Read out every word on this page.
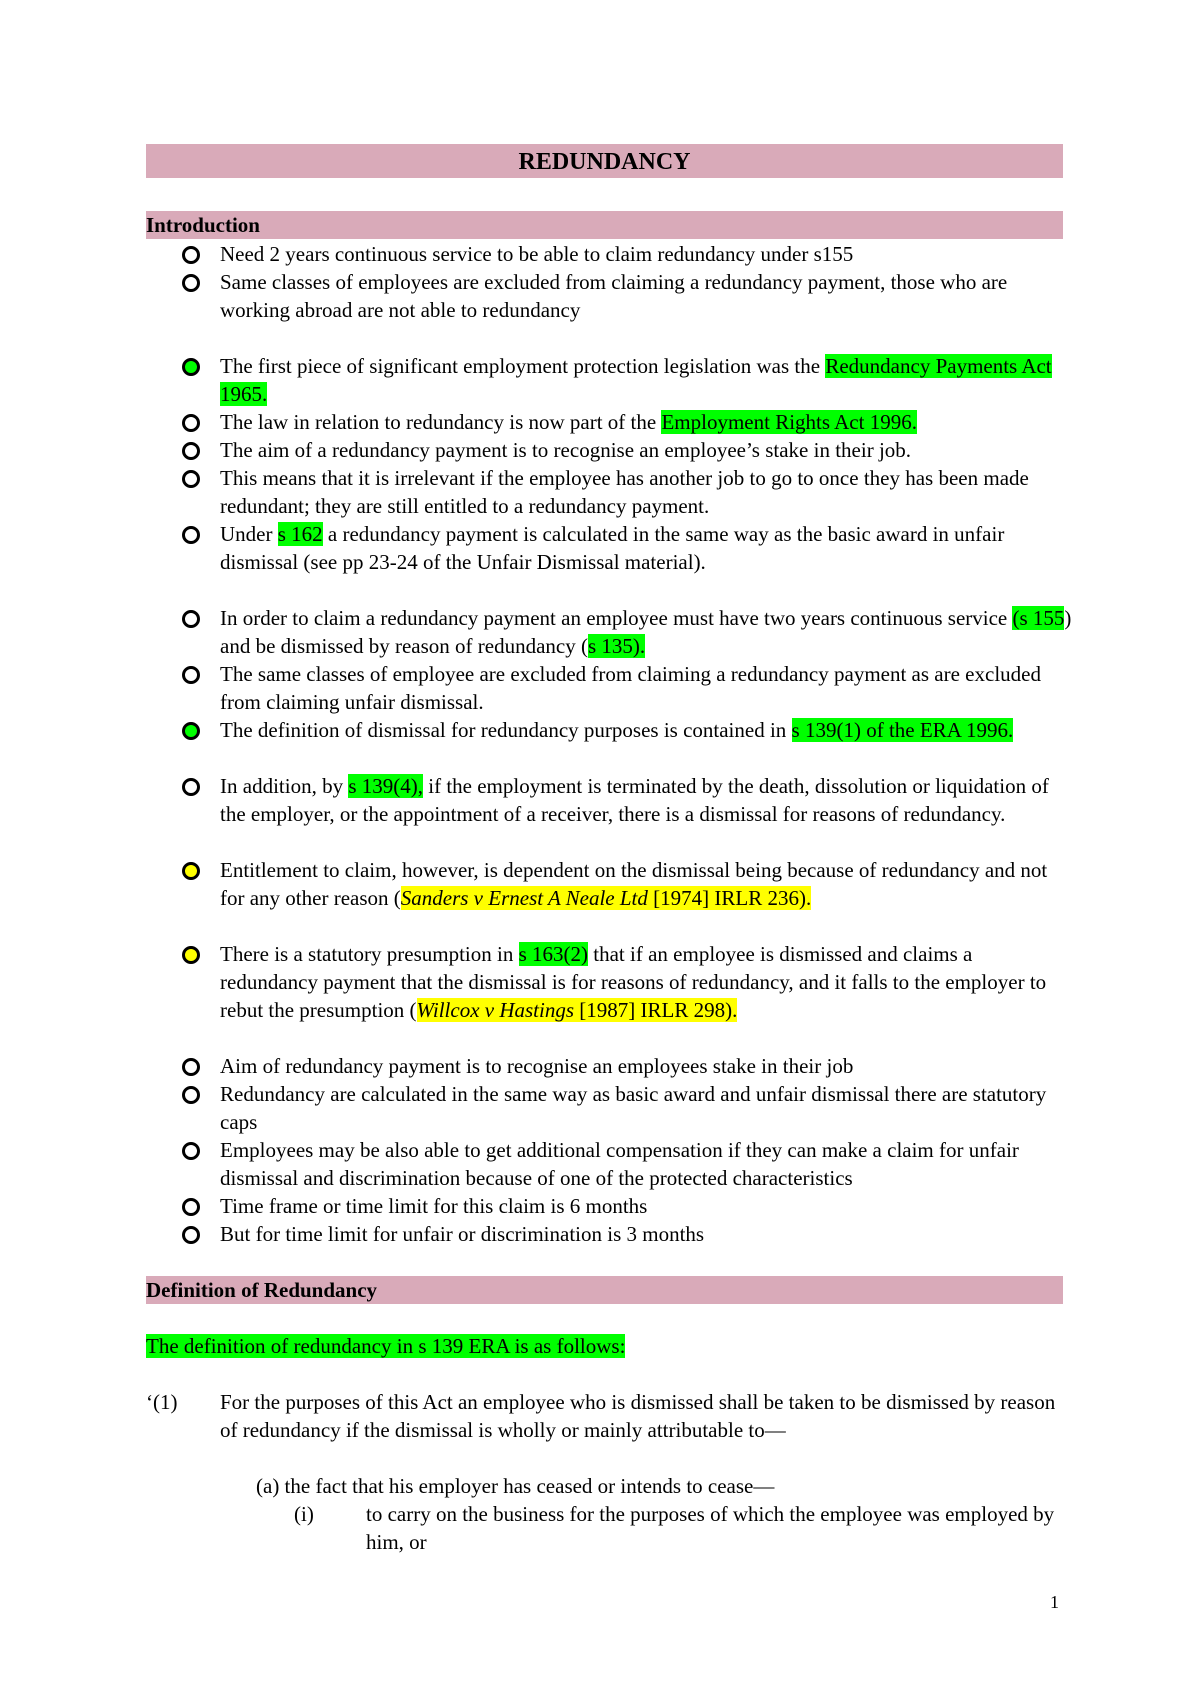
REDUNDANCY
Introduction
Need 2 years continuous service to be able to claim redundancy under s155
Same classes of employees are excluded from claiming a redundancy payment, those who are working abroad are not able to redundancy
The first piece of significant employment protection legislation was the Redundancy Payments Act 1965.
The law in relation to redundancy is now part of the Employment Rights Act 1996.
The aim of a redundancy payment is to recognise an employee’s stake in their job.
This means that it is irrelevant if the employee has another job to go to once they has been made redundant; they are still entitled to a redundancy payment.
Under s 162 a redundancy payment is calculated in the same way as the basic award in unfair dismissal (see pp 23-24 of the Unfair Dismissal material).
In order to claim a redundancy payment an employee must have two years continuous service (s 155) and be dismissed by reason of redundancy (s 135).
The same classes of employee are excluded from claiming a redundancy payment as are excluded from claiming unfair dismissal.
The definition of dismissal for redundancy purposes is contained in s 139(1) of the ERA 1996.
In addition, by s 139(4), if the employment is terminated by the death, dissolution or liquidation of the employer, or the appointment of a receiver, there is a dismissal for reasons of redundancy.
Entitlement to claim, however, is dependent on the dismissal being because of redundancy and not for any other reason (Sanders v Ernest A Neale Ltd [1974] IRLR 236).
There is a statutory presumption in s 163(2) that if an employee is dismissed and claims a redundancy payment that the dismissal is for reasons of redundancy, and it falls to the employer to rebut the presumption (Willcox v Hastings [1987] IRLR 298).
Aim of redundancy payment is to recognise an employees stake in their job
Redundancy are calculated in the same way as basic award and unfair dismissal there are statutory caps
Employees may be also able to get additional compensation if they can make a claim for unfair dismissal and discrimination because of one of the protected characteristics
Time frame or time limit for this claim is 6 months
But for time limit for unfair or discrimination is 3 months
Definition of Redundancy
The definition of redundancy in s 139 ERA is as follows:
‘(1) For the purposes of this Act an employee who is dismissed shall be taken to be dismissed by reason of redundancy if the dismissal is wholly or mainly attributable to—
(a) the fact that his employer has ceased or intends to cease—
(i) to carry on the business for the purposes of which the employee was employed by him, or
1
